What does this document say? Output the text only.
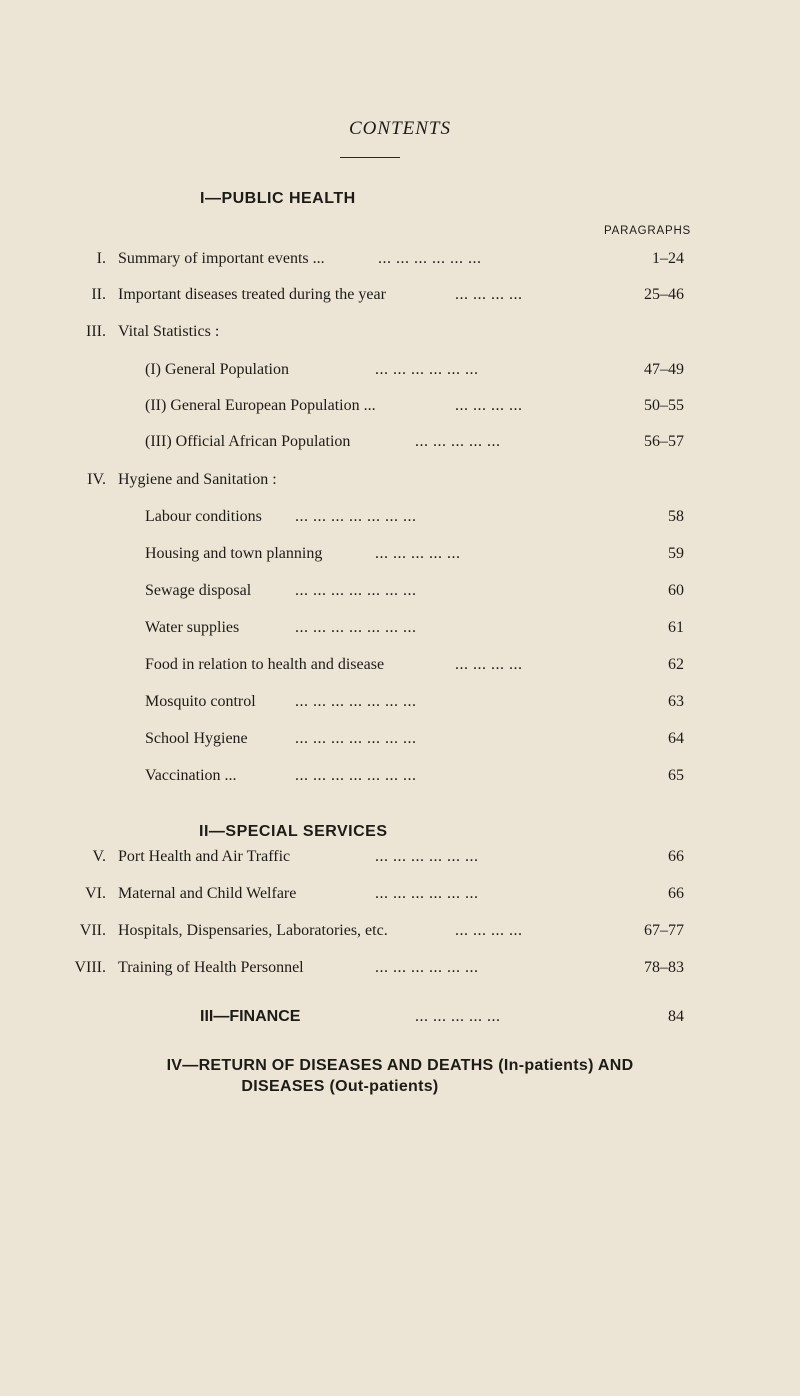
CONTENTS
I—PUBLIC HEALTH
PARAGRAPHS
I. Summary of important events ...	... ... ... ... ... ...	1–24
II. Important diseases treated during the year	... ... ... ...	25–46
III. Vital Statistics :
(I) General Population	... ... ... ... ... ...	47–49
(II) General European Population ...	... ... ... ...	50–55
(III) Official African Population	... ... ... ... ...	56–57
IV. Hygiene and Sanitation :
Labour conditions ... ... ... ... ... ... ...	58
Housing and town planning	... ... ... ... ...	59
Sewage disposal	... ... ... ... ... ... ...	60
Water supplies	... ... ... ... ... ... ...	61
Food in relation to health and disease	... ... ... ...	62
Mosquito control ... ... ... ... ... ... ...	63
School Hygiene	... ... ... ... ... ... ...	64
Vaccination ...	... ... ... ... ... ... ...	65
II—SPECIAL SERVICES
V. Port Health and Air Traffic	... ... ... ... ... ...	66
VI. Maternal and Child Welfare	... ... ... ... ... ...	66
VII. Hospitals, Dispensaries, Laboratories, etc.	... ... ... ...	67–77
VIII. Training of Health Personnel	... ... ... ... ... ...	78–83
III—FINANCE	... ... ... ... ...	84
IV—RETURN OF DISEASES AND DEATHS (In-patients) AND
DISEASES (Out-patients)
